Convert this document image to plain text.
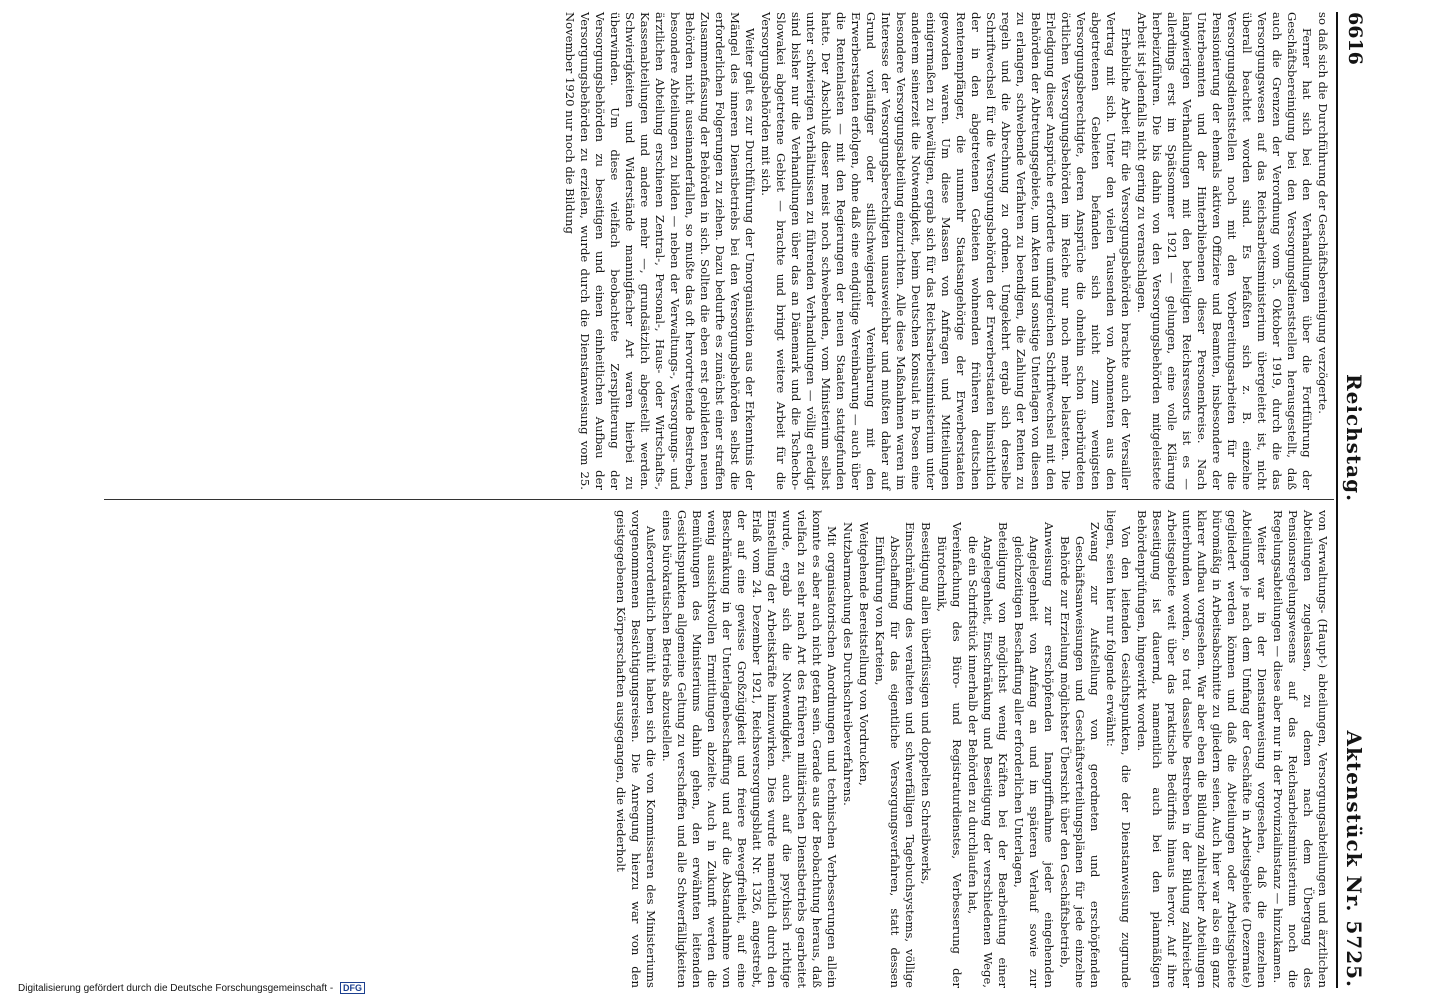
6616
Reichstag.
Aktenstück Nr. 5725.

so daß sich die Durchführung der Geschäftsbereinigung verzögerte.

Ferner hat sich bei den Verhandlungen über die Fortführung der Geschäftsbereinigung bei den Versorgungsdienststellen herausgestellt, daß auch die Grenzen der Verordnung vom 5. Oktober 1919, durch die das Versorgungswesen auf das Reichsarbeitsministerium übergeleitet ist, nicht überall beachtet worden sind. Es befaßten sich z. B. einzelne Versorgungsdienststellen noch mit den Vorbereitungsarbeiten für die Pensionierung der ehemals aktiven Offiziere und Beamten, insbesondere der Unterbeamten und der Hinterbliebenen dieser Personenkreise. Nach langwierigen Verhandlungen mit den beteiligten Reichsressorts ist es — allerdings erst im Spätsommer 1921 — gelungen, eine volle Klärung herbeizuführen. Die bis dahin von den Versorgungsbehörden mitgeleistete Arbeit ist jedenfalls nicht gering zu veranschlagen.

Erhebliche Arbeit für die Versorgungsbehörden brachte auch der Versailler Vertrag mit sich. Unter den vielen Tausenden von Abonnenten aus den abgetretenen Gebieten befanden sich nicht zum wenigsten Versorgungsberechtigte, deren Ansprüche die ohnehin schon überbürdeten örtlichen Versorgungsbehörden im Reiche nur noch mehr belasteten. Die Erledigung dieser Ansprüche erforderte umfangreichen Schriftwechsel mit den Behörden der Abtretungsgebiete, um Akten und sonstige Unterlagen von diesen zu erlangen, schwebende Verfahren zu beendigen, die Zahlung der Renten zu regeln und die Abrechnung zu ordnen. Umgekehrt ergab sich derselbe Schriftwechsel für die Versorgungsbehörden der Erwerberstaaten hinsichtlich der in den abgetretenen Gebieten wohnenden früheren deutschen Rentenempfänger, die nunmehr Staatsangehörige der Erwerberstaaten geworden waren. Um diese Massen von Anfragen und Mitteilungen einigermaßen zu bewältigen, ergab sich für das Reichsarbeitsministerium unter anderem seinerzeit die Notwendigkeit, beim Deutschen Konsulat in Posen eine besondere Versorgungsabteilung einzurichten. Alle diese Maßnahmen waren im Interesse der Versorgungsberechtigten unausweichbar und mußten daher auf Grund vorläufiger oder stillschweigender Vereinbarung mit den Erwerberstaaten erfolgen, ohne daß eine endgültige Vereinbarung — auch über die Rentenlasten — mit den Regierungen der neuen Staaten stattgefunden hatte. Der Abschluß dieser meist noch schwebenden, vom Ministerium selbst unter schwierigen Verhältnissen zu führenden Verhandlungen — völlig erledigt sind bisher nur die Verhandlungen über das an Dänemark und die Tschecho-Slowakei abgetretene Gebiet — brachte und bringt weitere Arbeit für die Versorgungsbehörden mit sich.

Weiter galt es zur Durchführung der Umorganisation aus der Erkenntnis der Mängel des inneren Dienstbetriebs bei den Versorgungsbehörden selbst die erforderlichen Folgerungen zu ziehen. Dazu bedurfte es zunächst einer straffen Zusammenfassung der Behörden in sich. Sollten die eben erst gebildeten neuen Behörden nicht auseinanderfallen, so mußte das oft hervortretende Bestreben, besondere Abteilungen zu bilden — neben der Verwaltungs-, Versorgungs- und ärztlichen Abteilung erschienen Zentral-, Personal-, Haus- oder Wirtschafts-, Kassenabteilungen und andere mehr —, grundsätzlich abgestellt werden. Schwierigkeiten und Widerstände mannigfacher Art waren hierbei zu überwinden. Um diese vielfach beobachtete Zersplitterung der Versorgungsbehörden zu beseitigen und einen einheitlichen Aufbau der Versorgungsbehörden zu erzielen, wurde durch die Dienstanweisung vom 25. November 1920 nur noch die Bildung

von Verwaltungs- (Haupt-) abteilungen, Versorgungsabteilungen und ärztlichen Abteilungen zugelassen, zu denen nach dem Übergang des Pensionsregelungswesens auf das Reichsarbeitsministerium noch die Regelungsabteilungen — diese aber nur in der Provinzialinstanz — hinzukamen.

Weiter war in der Dienstanweisung vorgesehen, daß die einzelnen Abteilungen je nach dem Umfang der Geschäfte in Arbeitsgebiete (Dezernate) gegliedert werden können und daß die Abteilungen oder Arbeitsgebiete büromäßig in Arbeitsabschnitte zu gliedern seien. Auch hier war also ein ganz klarer Aufbau vorgesehen. War aber eben die Bildung zahlreicher Abteilungen unterbunden worden, so trat dasselbe Bestreben in der Bildung zahlreicher Arbeitsgebiete weit über das praktische Bedürfnis hinaus hervor. Auf ihre Beseitigung ist dauernd, namentlich auch bei den planmäßigen Behördenprüfungen, hingewirkt worden.

Von den leitenden Gesichtspunkten, die der Dienstanweisung zugrunde liegen, seien hier nur folgende erwähnt:

Zwang zur Aufstellung von geordneten und erschöpfenden Geschäftsanweisungen und Geschäftsverteilungsplänen für jede einzelne Behörde zur Erzielung möglichster Übersicht über den Geschäftsbetrieb,

Anweisung zur erschöpfenden Inangriffnahme jeder eingehenden Angelegenheit von Anfang an und im späteren Verlauf sowie zur gleichzeitigen Beschaffung aller erforderlichen Unterlagen,

Beteiligung von möglichst wenig Kräften bei der Bearbeitung einer Angelegenheit, Einschränkung und Beseitigung der verschiedenen Wege, die ein Schriftstück innerhalb der Behörden zu durchlaufen hat,

Vereinfachung des Büro- und Registraturdienstes, Verbesserung der Bürotechnik,

Beseitigung allen überflüssigen und doppelten Schreibwerks,

Einschränkung des veralteten und schwerfälligen Tagebuchsystems, völlige Abschaffung für das eigentliche Versorgungsverfahren, statt dessen Einführung von Karteien,

Weitgehende Bereitstellung von Vordrucken,

Nutzbarmachung des Durchschreibeverfahrens.

Mit organisatorischen Anordnungen und technischen Verbesserungen allein konnte es aber auch nicht getan sein. Gerade aus der Beobachtung heraus, daß vielfach zu sehr nach Art des früheren militärischen Dienstbetriebs gearbeitet wurde, ergab sich die Notwendigkeit, auch auf die psychisch richtige Einstellung der Arbeitskräfte hinzuwirken. Dies wurde namentlich durch den Erlaß vom 24. Dezember 1921, Reichsversorgungsblatt Nr. 1326, angestrebt, der auf eine gewisse Großzügigkeit und freiere Bewegfreiheit, auf eine Beschränkung in der Unterlagenbeschaffung und auf die Abstandnahme von wenig aussichtsvollen Ermittlungen abzielte. Auch in Zukunft werden die Bemühungen des Ministeriums dahin gehen, den erwähnten leitenden Gesichtspunkten allgemeine Geltung zu verschaffen und alle Schwerfälligkeiten eines bürokratischen Betriebs abzustellen.

Außerordentlich bemüht haben sich die von Kommissaren des Ministeriums vorgenommenen Besichtigungsreisen. Die Anregung hierzu war von den geistgegebenen Körperschaften ausgegangen, die wiederholt

Digitalisierung gefördert durch die Deutsche Forschungsgemeinschaft - DFG
